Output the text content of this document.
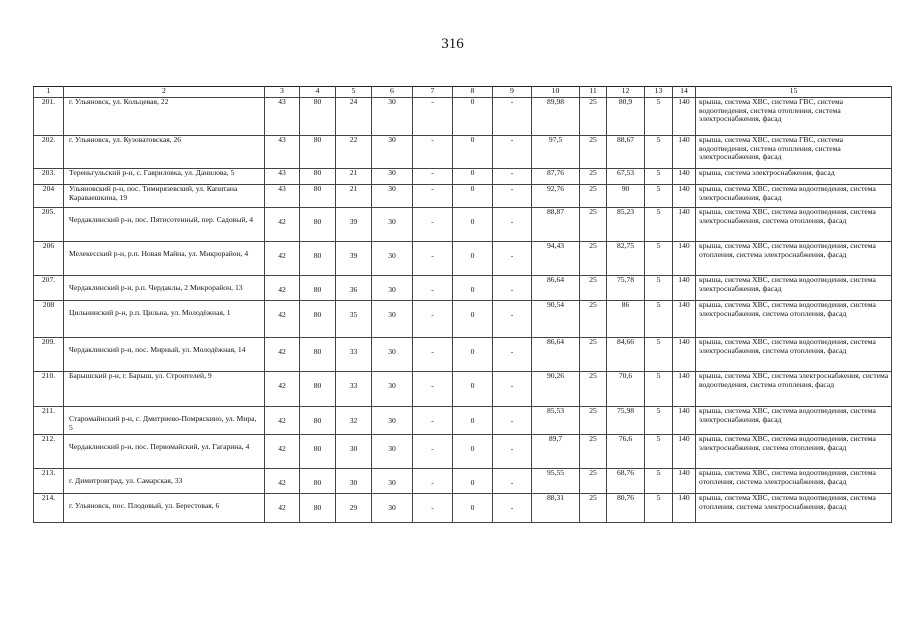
316
1	2	3	4	5	6	7	8	9	10	11	12	13	14	15
201.	г. Ульяновск, ул. Кольцевая, 22	43	80	24	30	-	0	-	89,98	25	80,9	5	140	крыша, система ХВС, система ГВС, система водоотведения, система отопления, система электроснабжения, фасад
202.	г. Ульяновск, ул. Кузоватовская, 26	43	80	22	30	-	0	-	97,5	25	88,67	5	140	крыша, система ХВС, система ГВС, система водоотведения, система отопления, система электроснабжения, фасад
203.	Тереньгульский р-н, с. Гавриловка, ул. Данилова, 5	43	80	21	30	-	0	-	87,76	25	67,53	5	140	крыша, система электроснабжения, фасад
204	Ульяновский р-н, пос. Тимирязевский, ул. Капитана Караваешкина, 19	43	80	21	30	-	0	-	92,76	25	90	5	140	крыша, система ХВС, система водоотведения, система электроснабжения, фасад
205.	Чердаклинский р-н, пос. Пятисотенный, пер. Садовый, 4	42	80	39	30	-	0	-	88,87	25	85,23	5	140	крыша, система ХВС, система водоотведения, система электроснабжения, система отопления, фасад
206	Мелекесский р-н, р.п. Новая Майна, ул. Микрорайон, 4	42	80	39	30	-	0	-	94,43	25	82,75	5	140	крыша, система ХВС, система водоотведения, система отопления, система электроснабжения, фасад
207.	Чердаклинский р-н, р.п. Чердаклы, 2 Микрорайон, 13	42	80	36	30	-	0	-	86,64	25	75,78	5	140	крыша, система ХВС, система водоотведения, система электроснабжения, фасад
208	Цильнинский р-н, р.п. Цильна, ул. Молодёжная, 1	42	80	35	30	-	0	-	90,54	25	86	5	140	крыша, система ХВС, система водоотведения, система электроснабжения, система отопления, фасад
209.	Чердаклинский р-н, пос. Мирный, ул. Молодёжная, 14	42	80	33	30	-	0	-	86,64	25	84,66	5	140	крыша, система ХВС, система водоотведения, система электроснабжения, система отопления, фасад
210.	Барышский р-н, г. Барыш, ул. Строителей, 9	42	80	33	30	-	0	-	90,26	25	70,6	5	140	крыша, система ХВС, система электроснабжения, система водоотведения, система отопления, фасад
211.	Старомайнский р-н, с. Дмитриево-Помряскино, ул. Мира, 5	42	80	32	30	-	0	-	85,53	25	75,98	5	140	крыша, система ХВС, система водоотведения, система электроснабжения, фасад
212.	Чердаклинский р-н, пос. Первомайский, ул. Гагарина, 4	42	80	30	30	-	0	-	89,7	25	76,6	5	140	крыша, система ХВС, система водоотведения, система электроснабжения, система отопления, фасад
213.	г. Димитровград, ул. Самарская, 33	42	80	30	30	-	0	-	95,55	25	68,76	5	140	крыша, система ХВС, система водоотведения, система отопления, система электроснабжения, фасад
214.	г. Ульяновск, пос. Плодовый, ул. Берестовая, 6	42	80	29	30	-	0	-	88,31	25	80,76	5	140	крыша, система ХВС, система водоотведения, система отопления, система электроснабжения, фасад
